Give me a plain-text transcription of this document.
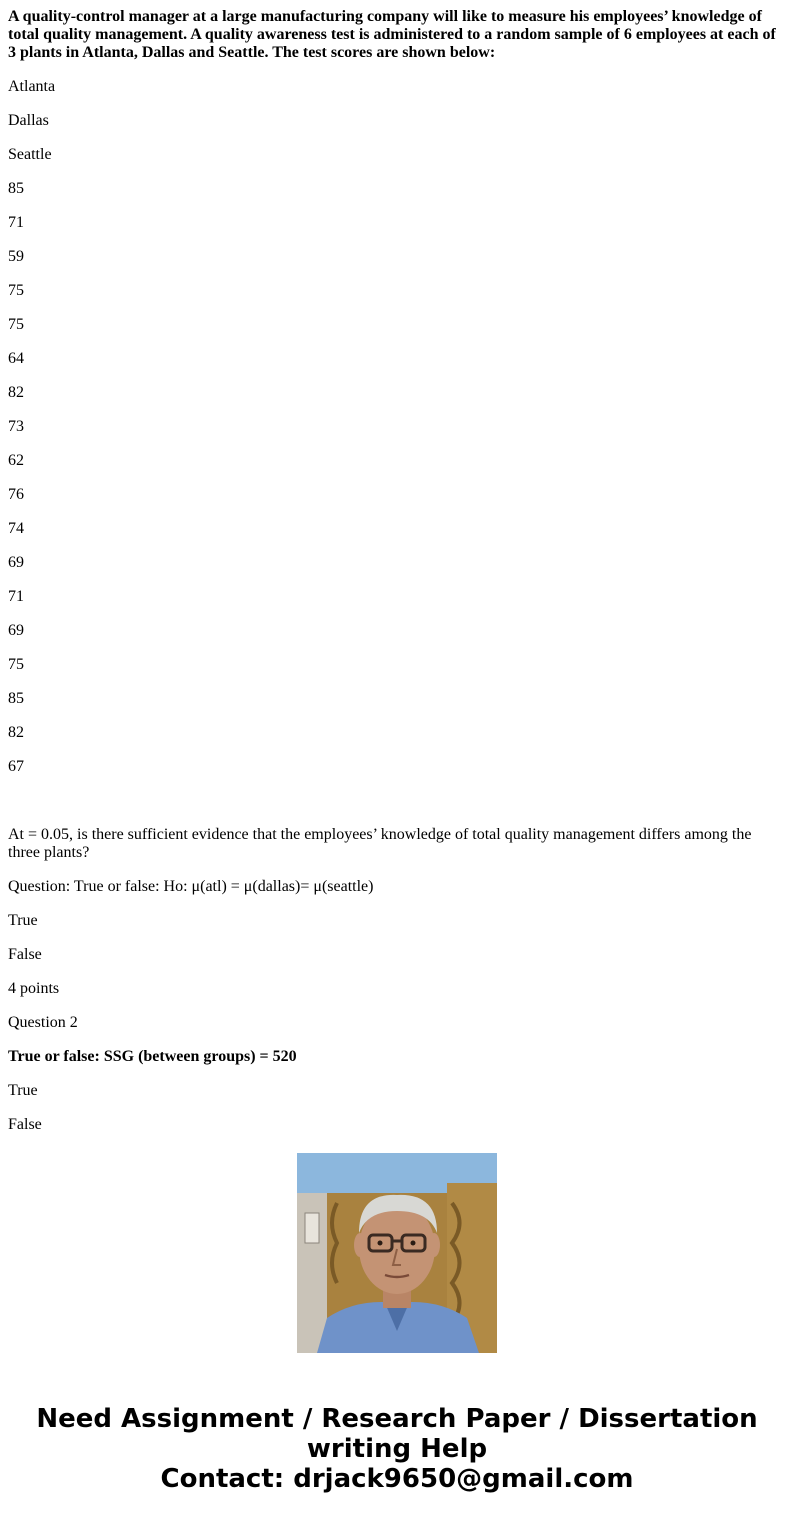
A quality-control manager at a large manufacturing company will like to measure his employees’ knowledge of total quality management. A quality awareness test is administered to a random sample of 6 employees at each of 3 plants in Atlanta, Dallas and Seattle. The test scores are shown below:

Atlanta

Dallas

Seattle

85

71

59

75

75

64

82

73

62

76

74

69

71

69

75

85

82

67

At = 0.05, is there sufficient evidence that the employees’ knowledge of total quality management differs among the three plants?

Question: True or false: Ho: μ(atl) = μ(dallas)= μ(seattle)

True

False

4 points

Question 2

True or false: SSG (between groups) = 520

True

False

Need Assignment / Research Paper / Dissertation
writing Help
Contact: drjack9650@gmail.com
